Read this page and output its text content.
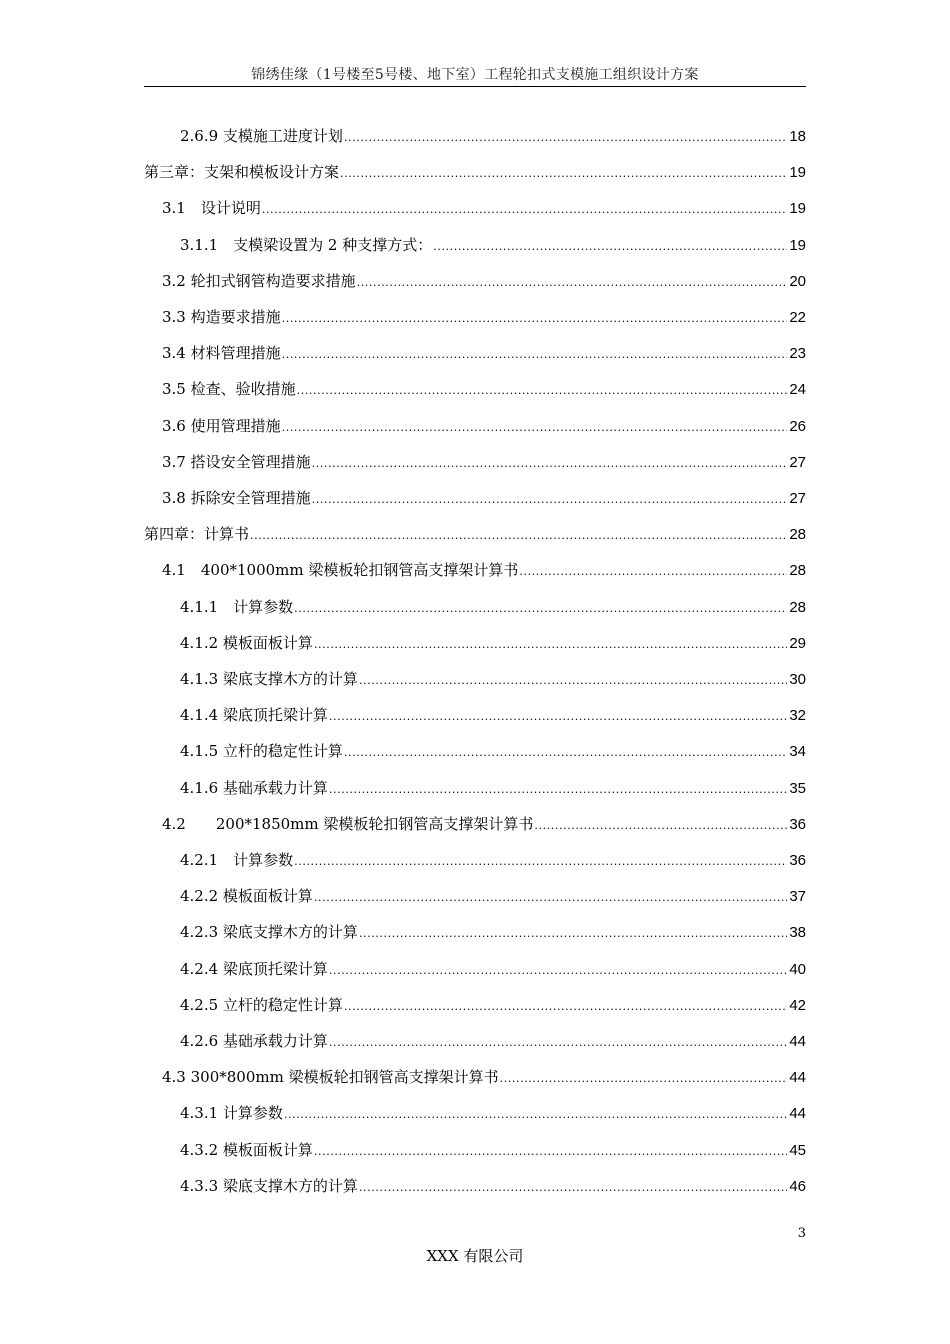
锦绣佳缘（1号楼至5号楼、地下室）工程轮扣式支模施工组织设计方案
2.6.9 支模施工进度计划 .....	18
第三章：支架和模板设计方案 .....	19
3.1　设计说明 .....	19
3.1.1　支模梁设置为 2 种支撑方式： .....	19
3.2 轮扣式钢管构造要求措施 .....	20
3.3 构造要求措施 .....	22
3.4 材料管理措施 .....	23
3.5 检查、验收措施 .....	24
3.6 使用管理措施 .....	26
3.7 搭设安全管理措施 .....	27
3.8 拆除安全管理措施 .....	27
第四章：计算书 .....	28
4.1　400*1000mm 梁模板轮扣钢管高支撑架计算书 .....	28
4.1.1　计算参数 .....	28
4.1.2 模板面板计算 .....	29
4.1.3 梁底支撑木方的计算 .....	30
4.1.4 梁底顶托梁计算 .....	32
4.1.5 立杆的稳定性计算 .....	34
4.1.6 基础承载力计算 .....	35
4.2　　200*1850mm 梁模板轮扣钢管高支撑架计算书 .....	36
4.2.1　计算参数 .....	36
4.2.2 模板面板计算 .....	37
4.2.3 梁底支撑木方的计算 .....	38
4.2.4 梁底顶托梁计算 .....	40
4.2.5 立杆的稳定性计算 .....	42
4.2.6 基础承载力计算 .....	44
4.3 300*800mm 梁模板轮扣钢管高支撑架计算书 .....	44
4.3.1 计算参数 .....	44
4.3.2 模板面板计算 .....	45
4.3.3 梁底支撑木方的计算 .....	46
3
XXX 有限公司
